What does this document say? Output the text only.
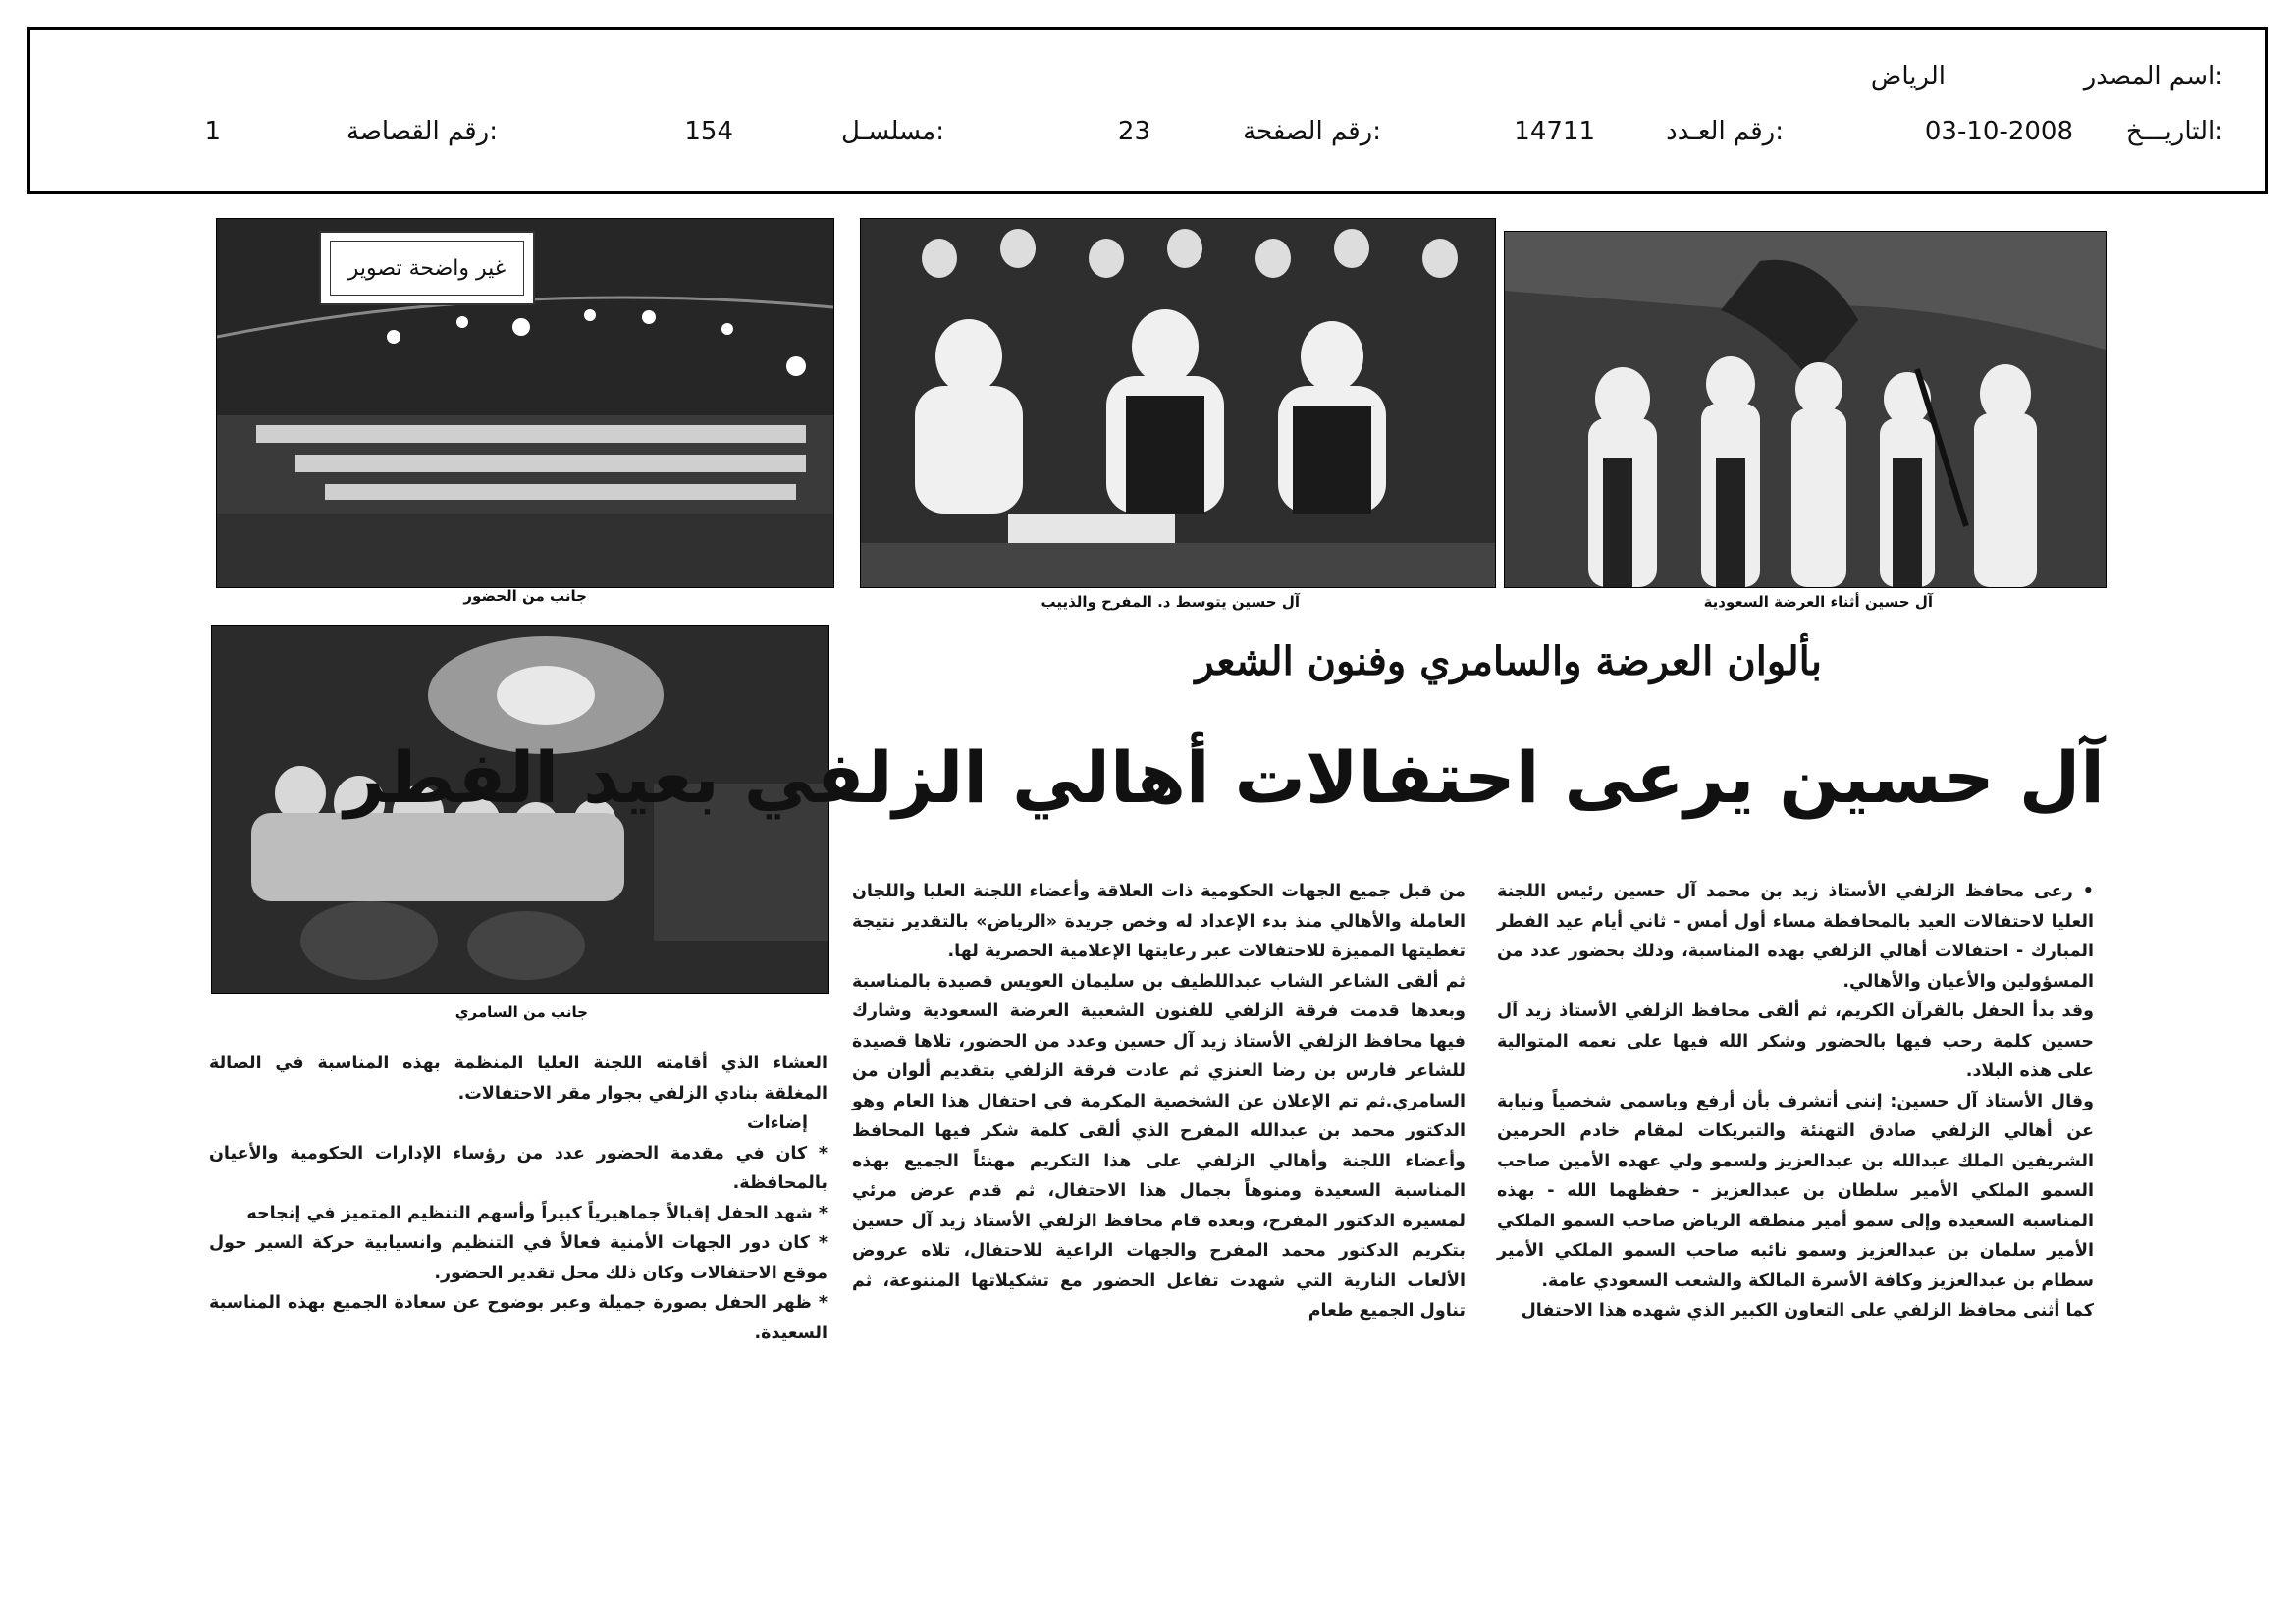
اسم المصدر:
الرياض
التاريـــخ:
03-10-2008
رقم العـدد:
14711
رقم الصفحة:
23
مسلسـل:
154
رقم القصاصة:
1
غير واضحة تصوير
آل حسين أثناء العرضة السعودية
آل حسين يتوسط د. المفرح والذييب
جانب من الحضور
جانب من السامري
بألوان العرضة والسامري وفنون الشعر
آل حسين يرعى احتفالات أهالي الزلفي بعيد الفطر

• رعى محافظ الزلفي الأستاذ زيد بن محمد آل حسين رئيس اللجنة العليا لاحتفالات العيد بالمحافظة مساء أول أمس - ثاني أيام عيد الفطر المبارك - احتفالات أهالي الزلفي بهذه المناسبة، وذلك بحضور عدد من المسؤولين والأعيان والأهالي.

وقد بدأ الحفل بالقرآن الكريم، ثم ألقى محافظ الزلفي الأستاذ زيد آل حسين كلمة رحب فيها بالحضور وشكر الله فيها على نعمه المتوالية على هذه البلاد.

وقال الأستاذ آل حسين: إنني أتشرف بأن أرفع وباسمي شخصياً ونيابة عن أهالي الزلفي صادق التهنئة والتبريكات لمقام خادم الحرمين الشريفين الملك عبدالله بن عبدالعزيز ولسمو ولي عهده الأمين صاحب السمو الملكي الأمير سلطان بن عبدالعزيز - حفظهما الله - بهذه المناسبة السعيدة وإلى سمو أمير منطقة الرياض صاحب السمو الملكي الأمير سلمان بن عبدالعزيز وسمو نائبه صاحب السمو الملكي الأمير سطام بن عبدالعزيز وكافة الأسرة المالكة والشعب السعودي عامة.

كما أثنى محافظ الزلفي على التعاون الكبير الذي شهده هذا الاحتفال

من قبل جميع الجهات الحكومية ذات العلاقة وأعضاء اللجنة العليا واللجان العاملة والأهالي منذ بدء الإعداد له وخص جريدة «الرياض» بالتقدير نتيجة تغطيتها المميزة للاحتفالات عبر رعايتها الإعلامية الحصرية لها.

ثم ألقى الشاعر الشاب عبداللطيف بن سليمان العويس قصيدة بالمناسبة وبعدها قدمت فرقة الزلفي للفنون الشعبية العرضة السعودية وشارك فيها محافظ الزلفي الأستاذ زيد آل حسين وعدد من الحضور، تلاها قصيدة للشاعر فارس بن رضا العنزي ثم عادت فرقة الزلفي بتقديم ألوان من السامري.ثم تم الإعلان عن الشخصية المكرمة في احتفال هذا العام وهو الدكتور محمد بن عبدالله المفرح الذي ألقى كلمة شكر فيها المحافظ وأعضاء اللجنة وأهالي الزلفي على هذا التكريم مهنئاً الجميع بهذه المناسبة السعيدة ومنوهاً بجمال هذا الاحتفال، ثم قدم عرض مرئي لمسيرة الدكتور المفرح، وبعده قام محافظ الزلفي الأستاذ زيد آل حسين بتكريم الدكتور محمد المفرح والجهات الراعية للاحتفال، تلاه عروض الألعاب النارية التي شهدت تفاعل الحضور مع تشكيلاتها المتنوعة، ثم تناول الجميع طعام

العشاء الذي أقامته اللجنة العليا المنظمة بهذه المناسبة في الصالة المغلقة بنادي الزلفي بجوار مقر الاحتفالات.

إضاءات

* كان في مقدمة الحضور عدد من رؤساء الإدارات الحكومية والأعيان بالمحافظة.

* شهد الحفل إقبالاً جماهيرياً كبيراً وأسهم التنظيم المتميز في إنجاحه

* كان دور الجهات الأمنية فعالاً في التنظيم وانسيابية حركة السير حول موقع الاحتفالات وكان ذلك محل تقدير الحضور.

* ظهر الحفل بصورة جميلة وعبر بوضوح عن سعادة الجميع بهذه المناسبة السعيدة.
